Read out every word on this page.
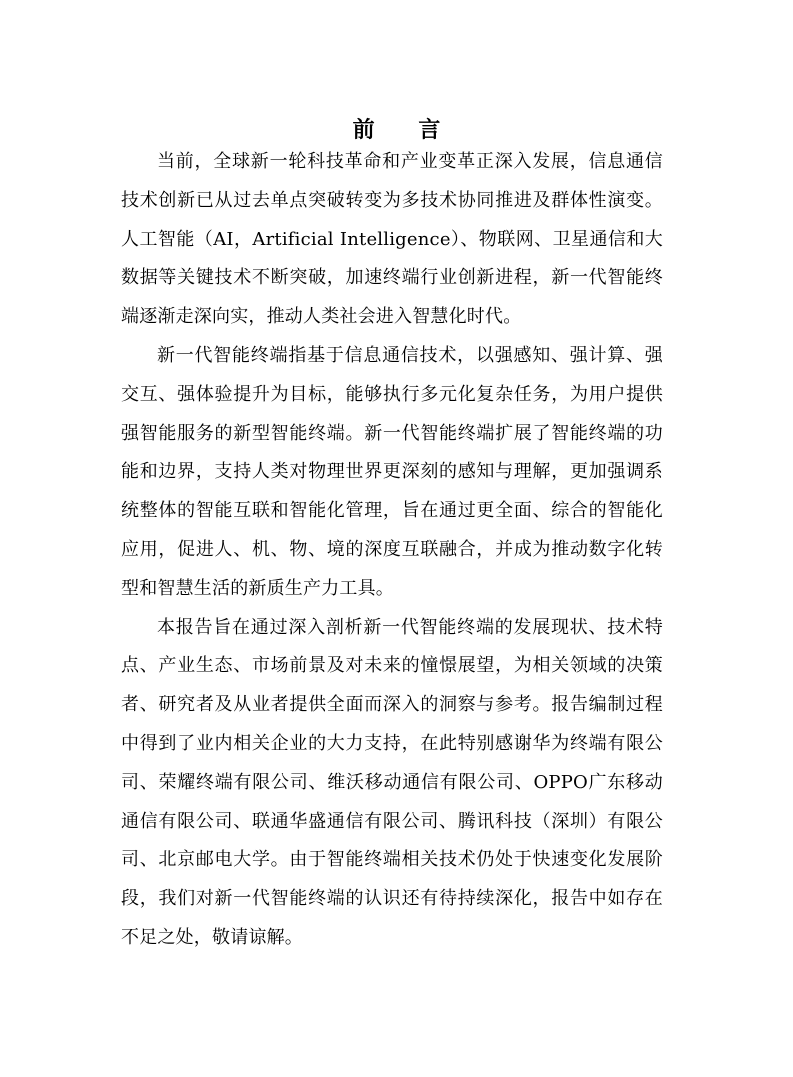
前 言

当前，全球新一轮科技革命和产业变革正深入发展，信息通信技术创新已从过去单点突破转变为多技术协同推进及群体性演变。人工智能（AI，Artificial Intelligence）、物联网、卫星通信和大数据等关键技术不断突破，加速终端行业创新进程，新一代智能终端逐渐走深向实，推动人类社会进入智慧化时代。

新一代智能终端指基于信息通信技术，以强感知、强计算、强交互、强体验提升为目标，能够执行多元化复杂任务，为用户提供强智能服务的新型智能终端。新一代智能终端扩展了智能终端的功能和边界，支持人类对物理世界更深刻的感知与理解，更加强调系统整体的智能互联和智能化管理，旨在通过更全面、综合的智能化应用，促进人、机、物、境的深度互联融合，并成为推动数字化转型和智慧生活的新质生产力工具。

本报告旨在通过深入剖析新一代智能终端的发展现状、技术特点、产业生态、市场前景及对未来的憧憬展望，为相关领域的决策者、研究者及从业者提供全面而深入的洞察与参考。报告编制过程中得到了业内相关企业的大力支持，在此特别感谢华为终端有限公司、荣耀终端有限公司、维沃移动通信有限公司、OPPO广东移动通信有限公司、联通华盛通信有限公司、腾讯科技（深圳）有限公司、北京邮电大学。由于智能终端相关技术仍处于快速变化发展阶段，我们对新一代智能终端的认识还有待持续深化，报告中如存在不足之处，敬请谅解。
